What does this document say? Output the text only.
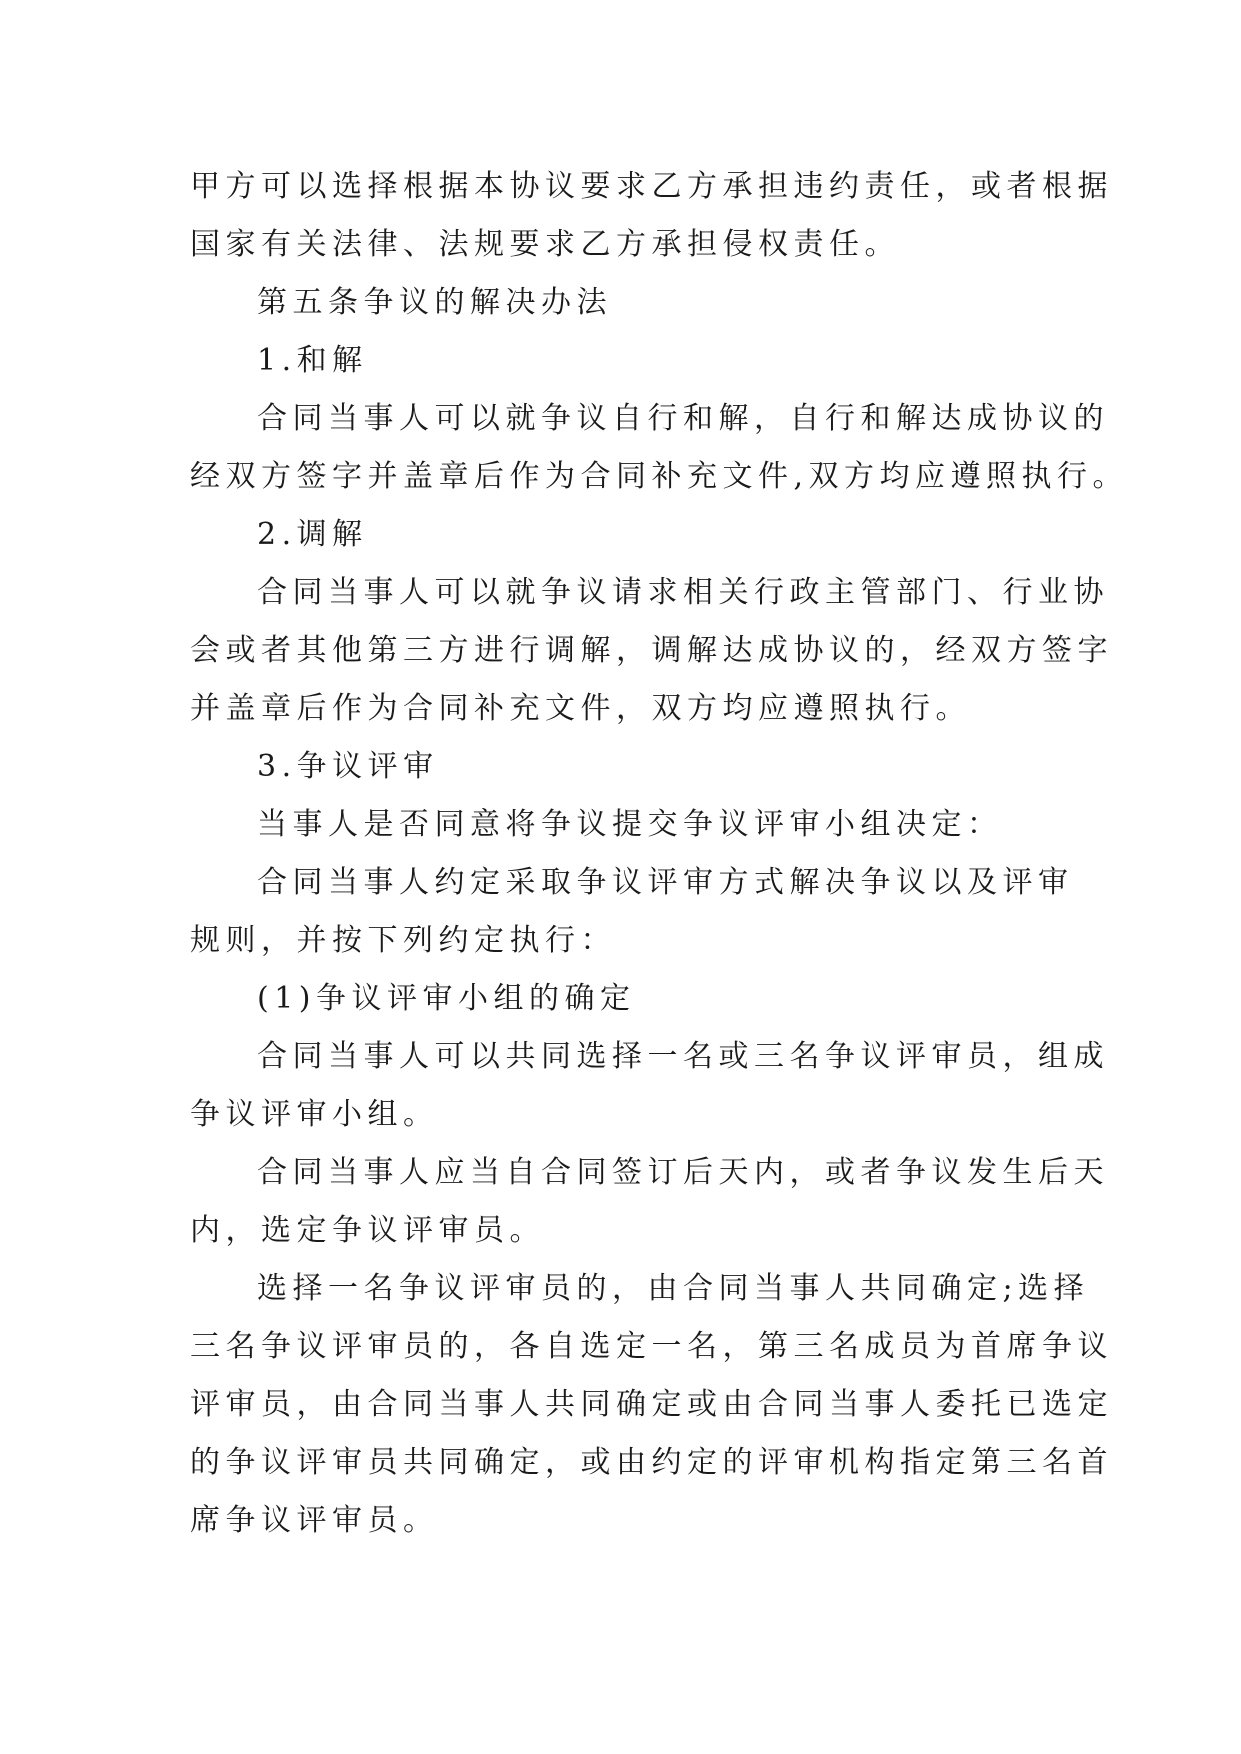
甲方可以选择根据本协议要求乙方承担违约责任，或者根据

国家有关法律、法规要求乙方承担侵权责任。

第五条争议的解决办法

1.和解

合同当事人可以就争议自行和解，自行和解达成协议的

经双方签字并盖章后作为合同补充文件,双方均应遵照执行。

2.调解

合同当事人可以就争议请求相关行政主管部门、行业协

会或者其他第三方进行调解，调解达成协议的，经双方签字

并盖章后作为合同补充文件，双方均应遵照执行。

3.争议评审

当事人是否同意将争议提交争议评审小组决定：

合同当事人约定采取争议评审方式解决争议以及评审

规则，并按下列约定执行：

(1)争议评审小组的确定

合同当事人可以共同选择一名或三名争议评审员，组成

争议评审小组。

合同当事人应当自合同签订后天内，或者争议发生后天

内，选定争议评审员。

选择一名争议评审员的，由合同当事人共同确定;选择

三名争议评审员的，各自选定一名，第三名成员为首席争议

评审员，由合同当事人共同确定或由合同当事人委托已选定

的争议评审员共同确定，或由约定的评审机构指定第三名首

席争议评审员。
